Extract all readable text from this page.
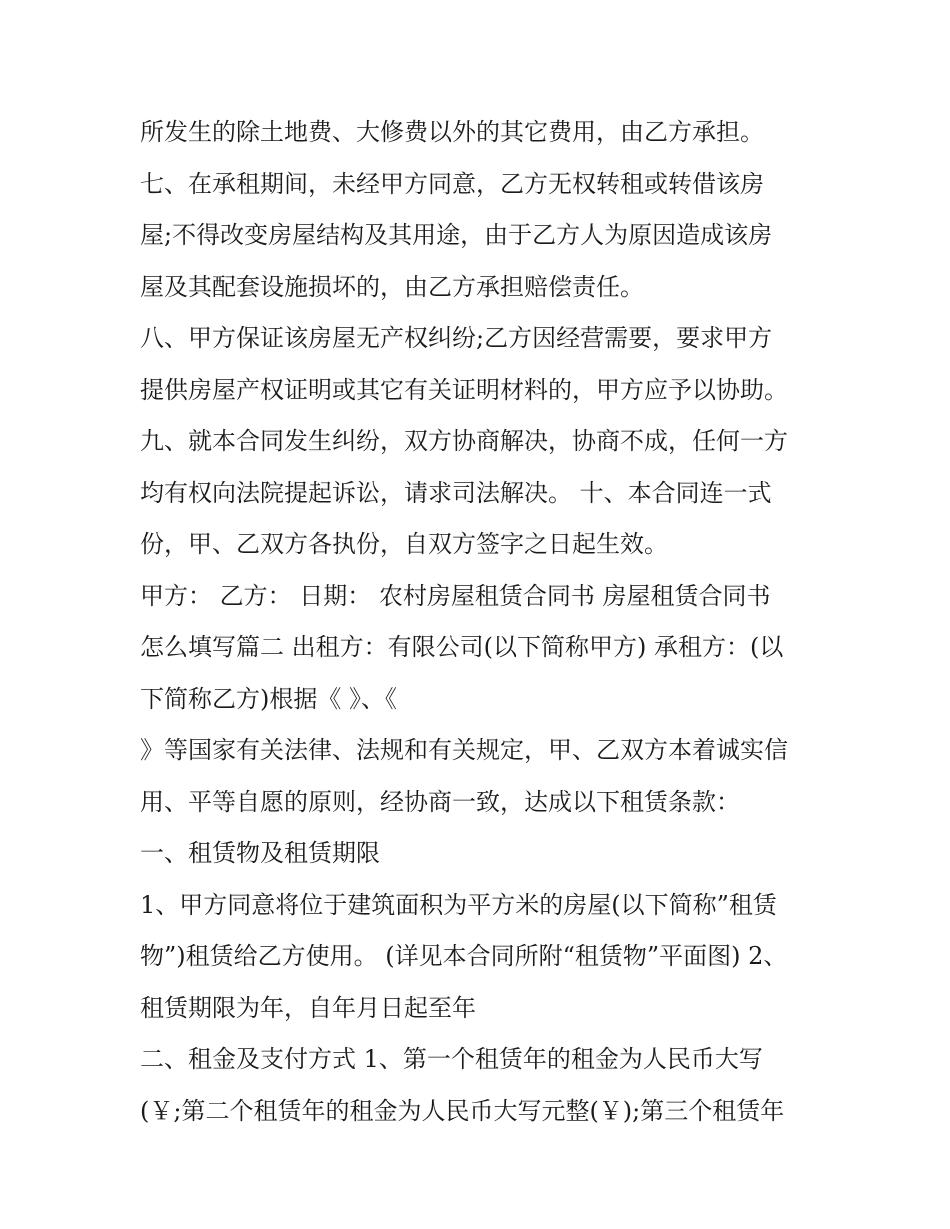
所发生的除土地费、大修费以外的其它费用，由乙方承担。
七、在承租期间，未经甲方同意，乙方无权转租或转借该房
屋;不得改变房屋结构及其用途，由于乙方人为原因造成该房
屋及其配套设施损坏的，由乙方承担赔偿责任。
八、甲方保证该房屋无产权纠纷;乙方因经营需要，要求甲方
提供房屋产权证明或其它有关证明材料的，甲方应予以协助。
九、就本合同发生纠纷，双方协商解决，协商不成，任何一方
均有权向法院提起诉讼，请求司法解决。 十、本合同连一式
份，甲、乙双方各执份，自双方签字之日起生效。
甲方： 乙方： 日期： 农村房屋租赁合同书 房屋租赁合同书
怎么填写篇二 出租方：有限公司(以下简称甲方) 承租方：(以
下简称乙方)根据《 》、《
》等国家有关法律、法规和有关规定，甲、乙双方本着诚实信
用、平等自愿的原则，经协商一致，达成以下租赁条款：
一、租赁物及租赁期限
1、甲方同意将位于建筑面积为平方米的房屋(以下简称”租赁
物”)租赁给乙方使用。 (详见本合同所附“租赁物”平面图) 2、
租赁期限为年，自年月日起至年
二、租金及支付方式 1、第一个租赁年的租金为人民币大写
(￥;第二个租赁年的租金为人民币大写元整(￥);第三个租赁年
